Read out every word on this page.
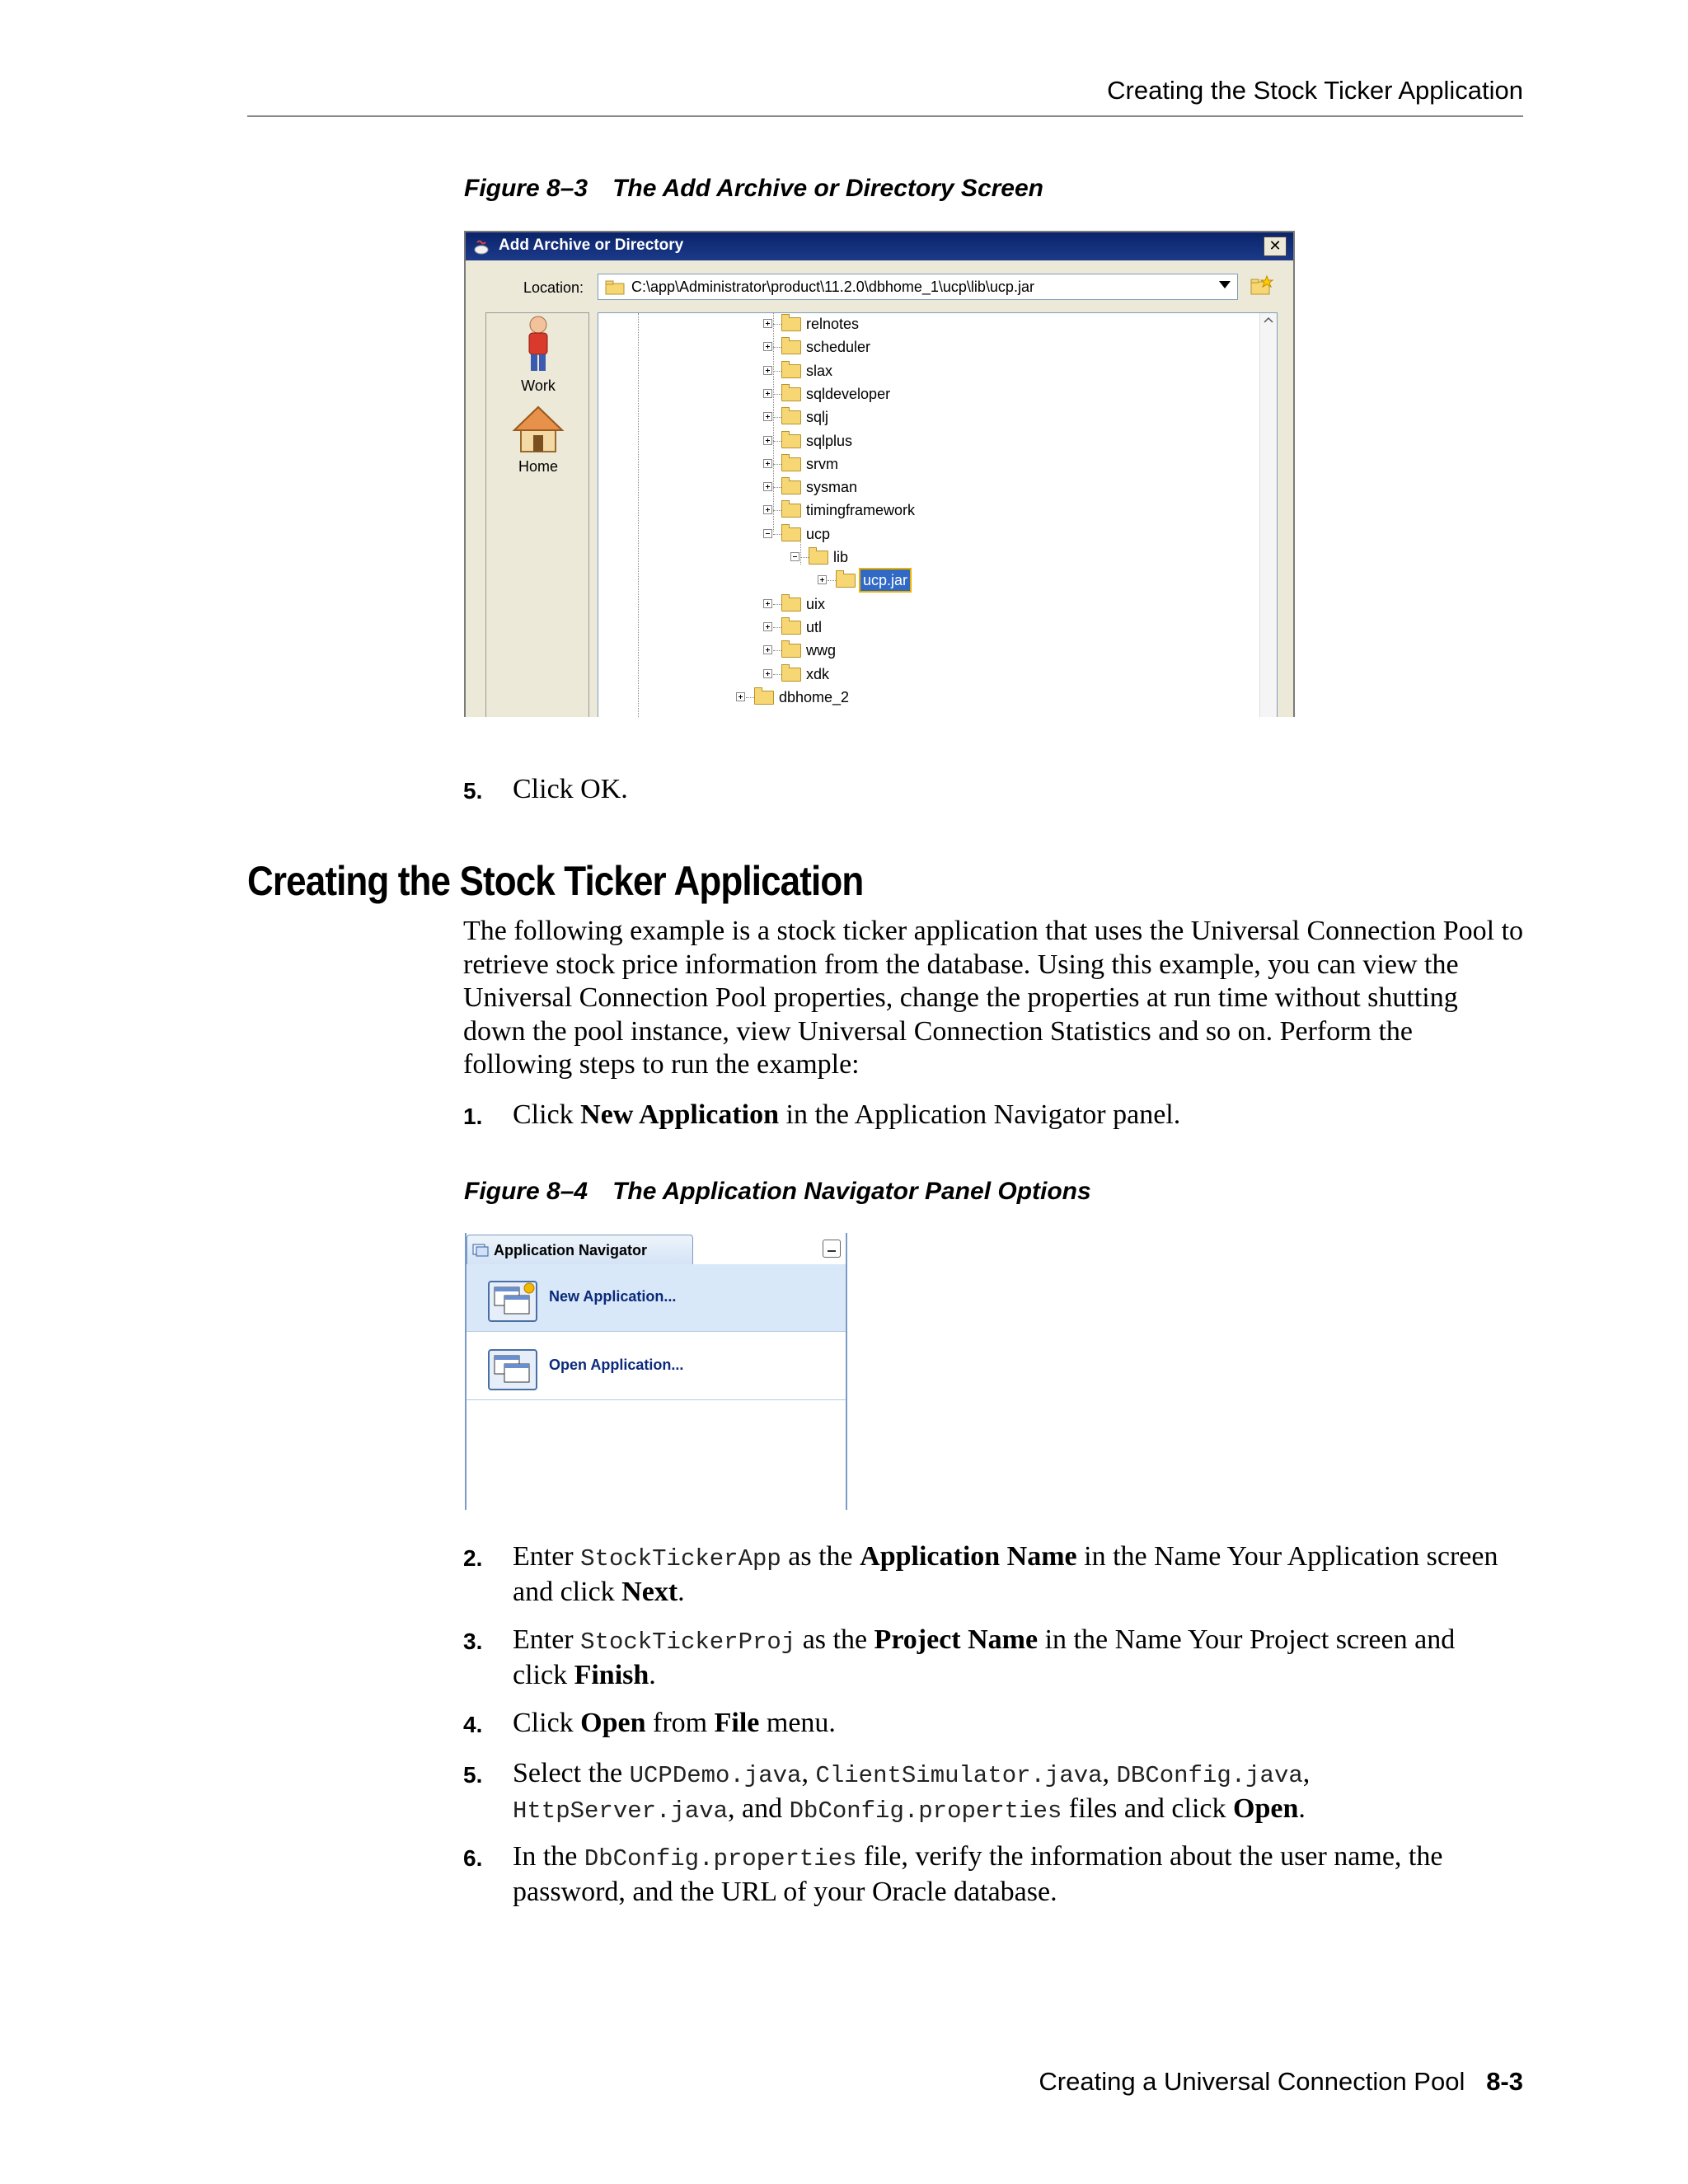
Creating the Stock Ticker Application
Figure 8–3 The Add Archive or Directory Screen
Add Archive or Directory	✕
Location:	C:\app\Administrator\product\11.2.0\dbhome_1\ucp\lib\ucp.jar
Work
Home
relnotes
scheduler
slax
sqldeveloper
sqlj
sqlplus
srvm
sysman
timingframework
ucp
lib
ucp.jar
uix
utl
wwg
xdk
dbhome_2
5. Click OK.
Creating the Stock Ticker Application
The following example is a stock ticker application that uses the Universal Connection Pool to retrieve stock price information from the database. Using this example, you can view the Universal Connection Pool properties, change the properties at run time without shutting down the pool instance, view Universal Connection Statistics and so on. Perform the following steps to run the example:
1. Click New Application in the Application Navigator panel.
Figure 8–4 The Application Navigator Panel Options
Application Navigator
New Application...
Open Application...
2. Enter StockTickerApp as the Application Name in the Name Your Application screen and click Next.
3. Enter StockTickerProj as the Project Name in the Name Your Project screen and click Finish.
4. Click Open from File menu.
5. Select the UCPDemo.java, ClientSimulator.java, DBConfig.java,
HttpServer.java, and DbConfig.properties files and click Open.
6. In the DbConfig.properties file, verify the information about the user name, the password, and the URL of your Oracle database.
Creating a Universal Connection Pool 8-3
